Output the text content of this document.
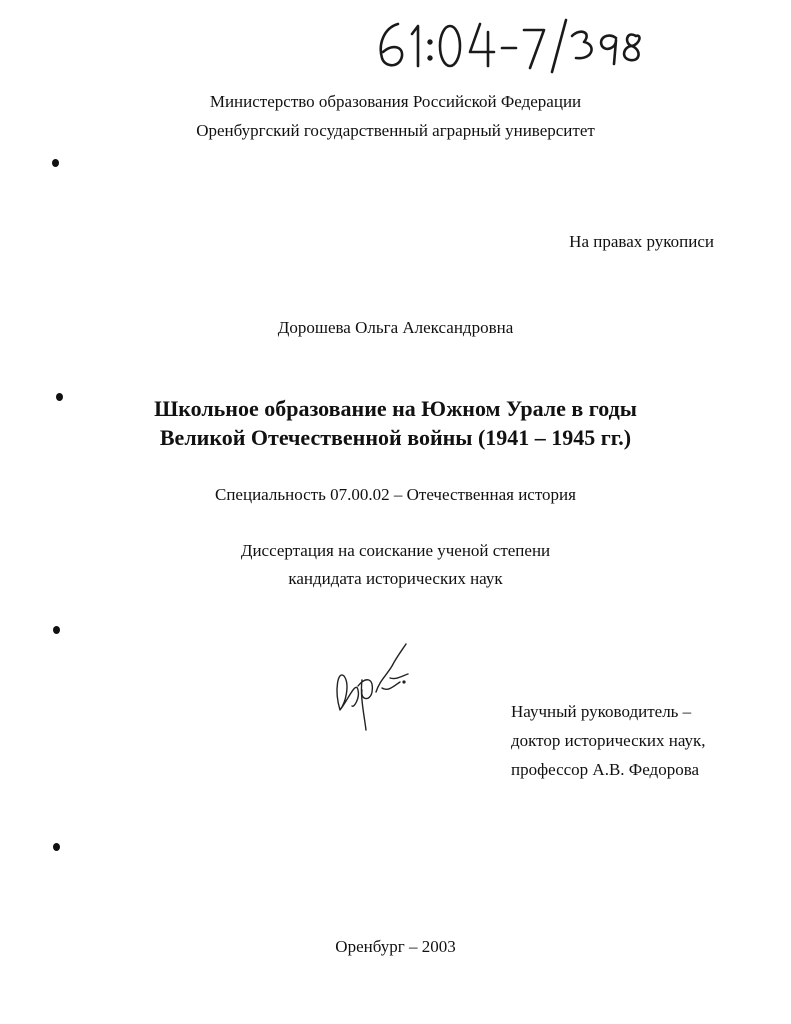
Министерство образования Российской Федерации
Оренбургский государственный аграрный университет
На правах рукописи
Дорошева Ольга Александровна
Школьное образование на Южном Урале в годы
Великой Отечественной войны (1941 – 1945 гг.)
Специальность 07.00.02 – Отечественная история
Диссертация на соискание ученой степени
кандидата исторических наук
Научный руководитель –
доктор исторических наук,
профессор А.В. Федорова
Оренбург – 2003
